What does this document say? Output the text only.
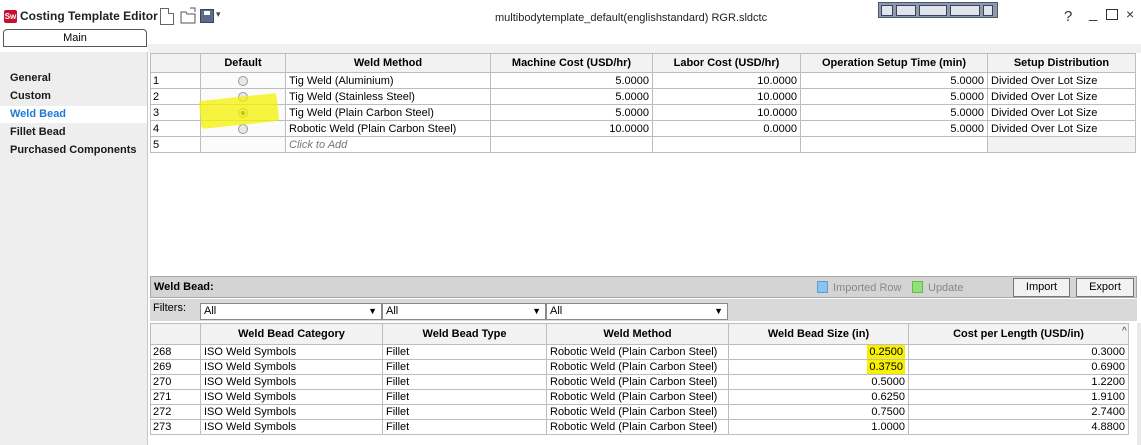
Sw Costing Template Editor	▾	multibodytemplate_default(englishstandard) RGR.sldctc	? _ ×
Main
General
Custom
Weld Bead
Fillet Bead
Purchased Components
	Default	Weld Method	Machine Cost (USD/hr)	Labor Cost (USD/hr)	Operation Setup Time (min)	Setup Distribution
1		Tig Weld (Aluminium)	5.0000	10.0000	5.0000	Divided Over Lot Size
2		Tig Weld (Stainless Steel)	5.0000	10.0000	5.0000	Divided Over Lot Size
3		Tig Weld (Plain Carbon Steel)	5.0000	10.0000	5.0000	Divided Over Lot Size
4		Robotic Weld (Plain Carbon Steel)	10.0000	0.0000	5.0000	Divided Over Lot Size
5		Click to Add				
Weld Bead:	Imported Row Update	Import	Export
Filters:	All	▼ All	▼ All	▼
	Weld Bead Category	Weld Bead Type	Weld Method	Weld Bead Size (in)	Cost per Length (USD/in)
268	ISO Weld Symbols	Fillet	Robotic Weld (Plain Carbon Steel)	0.2500	0.3000
269	ISO Weld Symbols	Fillet	Robotic Weld (Plain Carbon Steel)	0.3750	0.6900
270	ISO Weld Symbols	Fillet	Robotic Weld (Plain Carbon Steel)	0.5000	1.2200
271	ISO Weld Symbols	Fillet	Robotic Weld (Plain Carbon Steel)	0.6250	1.9100
272	ISO Weld Symbols	Fillet	Robotic Weld (Plain Carbon Steel)	0.7500	2.7400
273	ISO Weld Symbols	Fillet	Robotic Weld (Plain Carbon Steel)	1.0000	4.8800
^
